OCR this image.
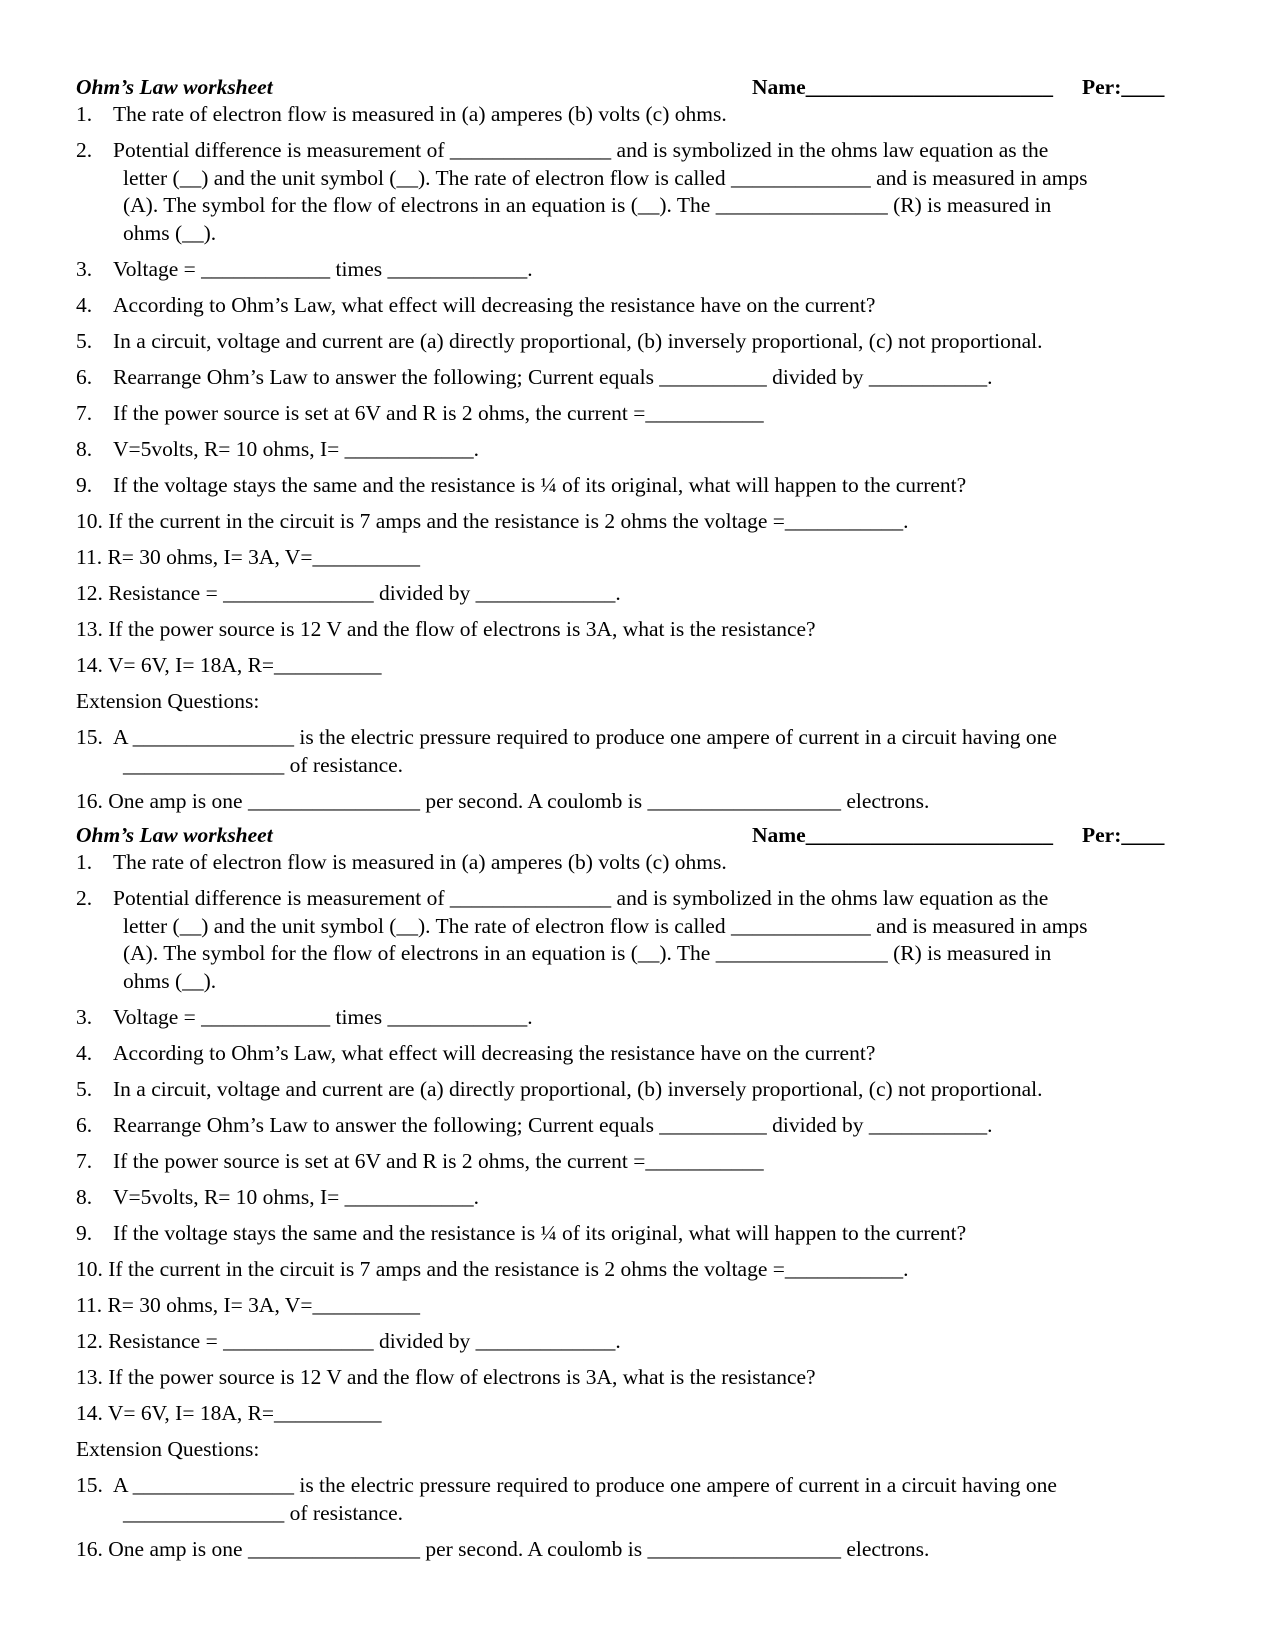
Ohm’s Law worksheet	Name_______________________ Per:____
1. The rate of electron flow is measured in (a) amperes (b) volts (c) ohms.
2. Potential difference is measurement of _______________ and is symbolized in the ohms law equation as the
letter (__) and the unit symbol (__). The rate of electron flow is called _____________ and is measured in amps
(A). The symbol for the flow of electrons in an equation is (__). The ________________ (R) is measured in
ohms (__).
3. Voltage = ____________ times _____________.
4. According to Ohm’s Law, what effect will decreasing the resistance have on the current?
5. In a circuit, voltage and current are (a) directly proportional, (b) inversely proportional, (c) not proportional.
6. Rearrange Ohm’s Law to answer the following; Current equals __________ divided by ___________.
7. If the power source is set at 6V and R is 2 ohms, the current =___________
8. V=5volts, R= 10 ohms, I= ____________.
9. If the voltage stays the same and the resistance is ¼ of its original, what will happen to the current?
10. If the current in the circuit is 7 amps and the resistance is 2 ohms the voltage =___________.
11. R= 30 ohms, I= 3A, V=__________
12. Resistance = ______________ divided by _____________.
13. If the power source is 12 V and the flow of electrons is 3A, what is the resistance?
14. V= 6V, I= 18A, R=__________
Extension Questions:
15. A _______________ is the electric pressure required to produce one ampere of current in a circuit having one
_______________ of resistance.
16. One amp is one ________________ per second. A coulomb is __________________ electrons.
Ohm’s Law worksheet	Name_______________________ Per:____
1. The rate of electron flow is measured in (a) amperes (b) volts (c) ohms.
2. Potential difference is measurement of _______________ and is symbolized in the ohms law equation as the
letter (__) and the unit symbol (__). The rate of electron flow is called _____________ and is measured in amps
(A). The symbol for the flow of electrons in an equation is (__). The ________________ (R) is measured in
ohms (__).
3. Voltage = ____________ times _____________.
4. According to Ohm’s Law, what effect will decreasing the resistance have on the current?
5. In a circuit, voltage and current are (a) directly proportional, (b) inversely proportional, (c) not proportional.
6. Rearrange Ohm’s Law to answer the following; Current equals __________ divided by ___________.
7. If the power source is set at 6V and R is 2 ohms, the current =___________
8. V=5volts, R= 10 ohms, I= ____________.
9. If the voltage stays the same and the resistance is ¼ of its original, what will happen to the current?
10. If the current in the circuit is 7 amps and the resistance is 2 ohms the voltage =___________.
11. R= 30 ohms, I= 3A, V=__________
12. Resistance = ______________ divided by _____________.
13. If the power source is 12 V and the flow of electrons is 3A, what is the resistance?
14. V= 6V, I= 18A, R=__________
Extension Questions:
15. A _______________ is the electric pressure required to produce one ampere of current in a circuit having one
_______________ of resistance.
16. One amp is one ________________ per second. A coulomb is __________________ electrons.
